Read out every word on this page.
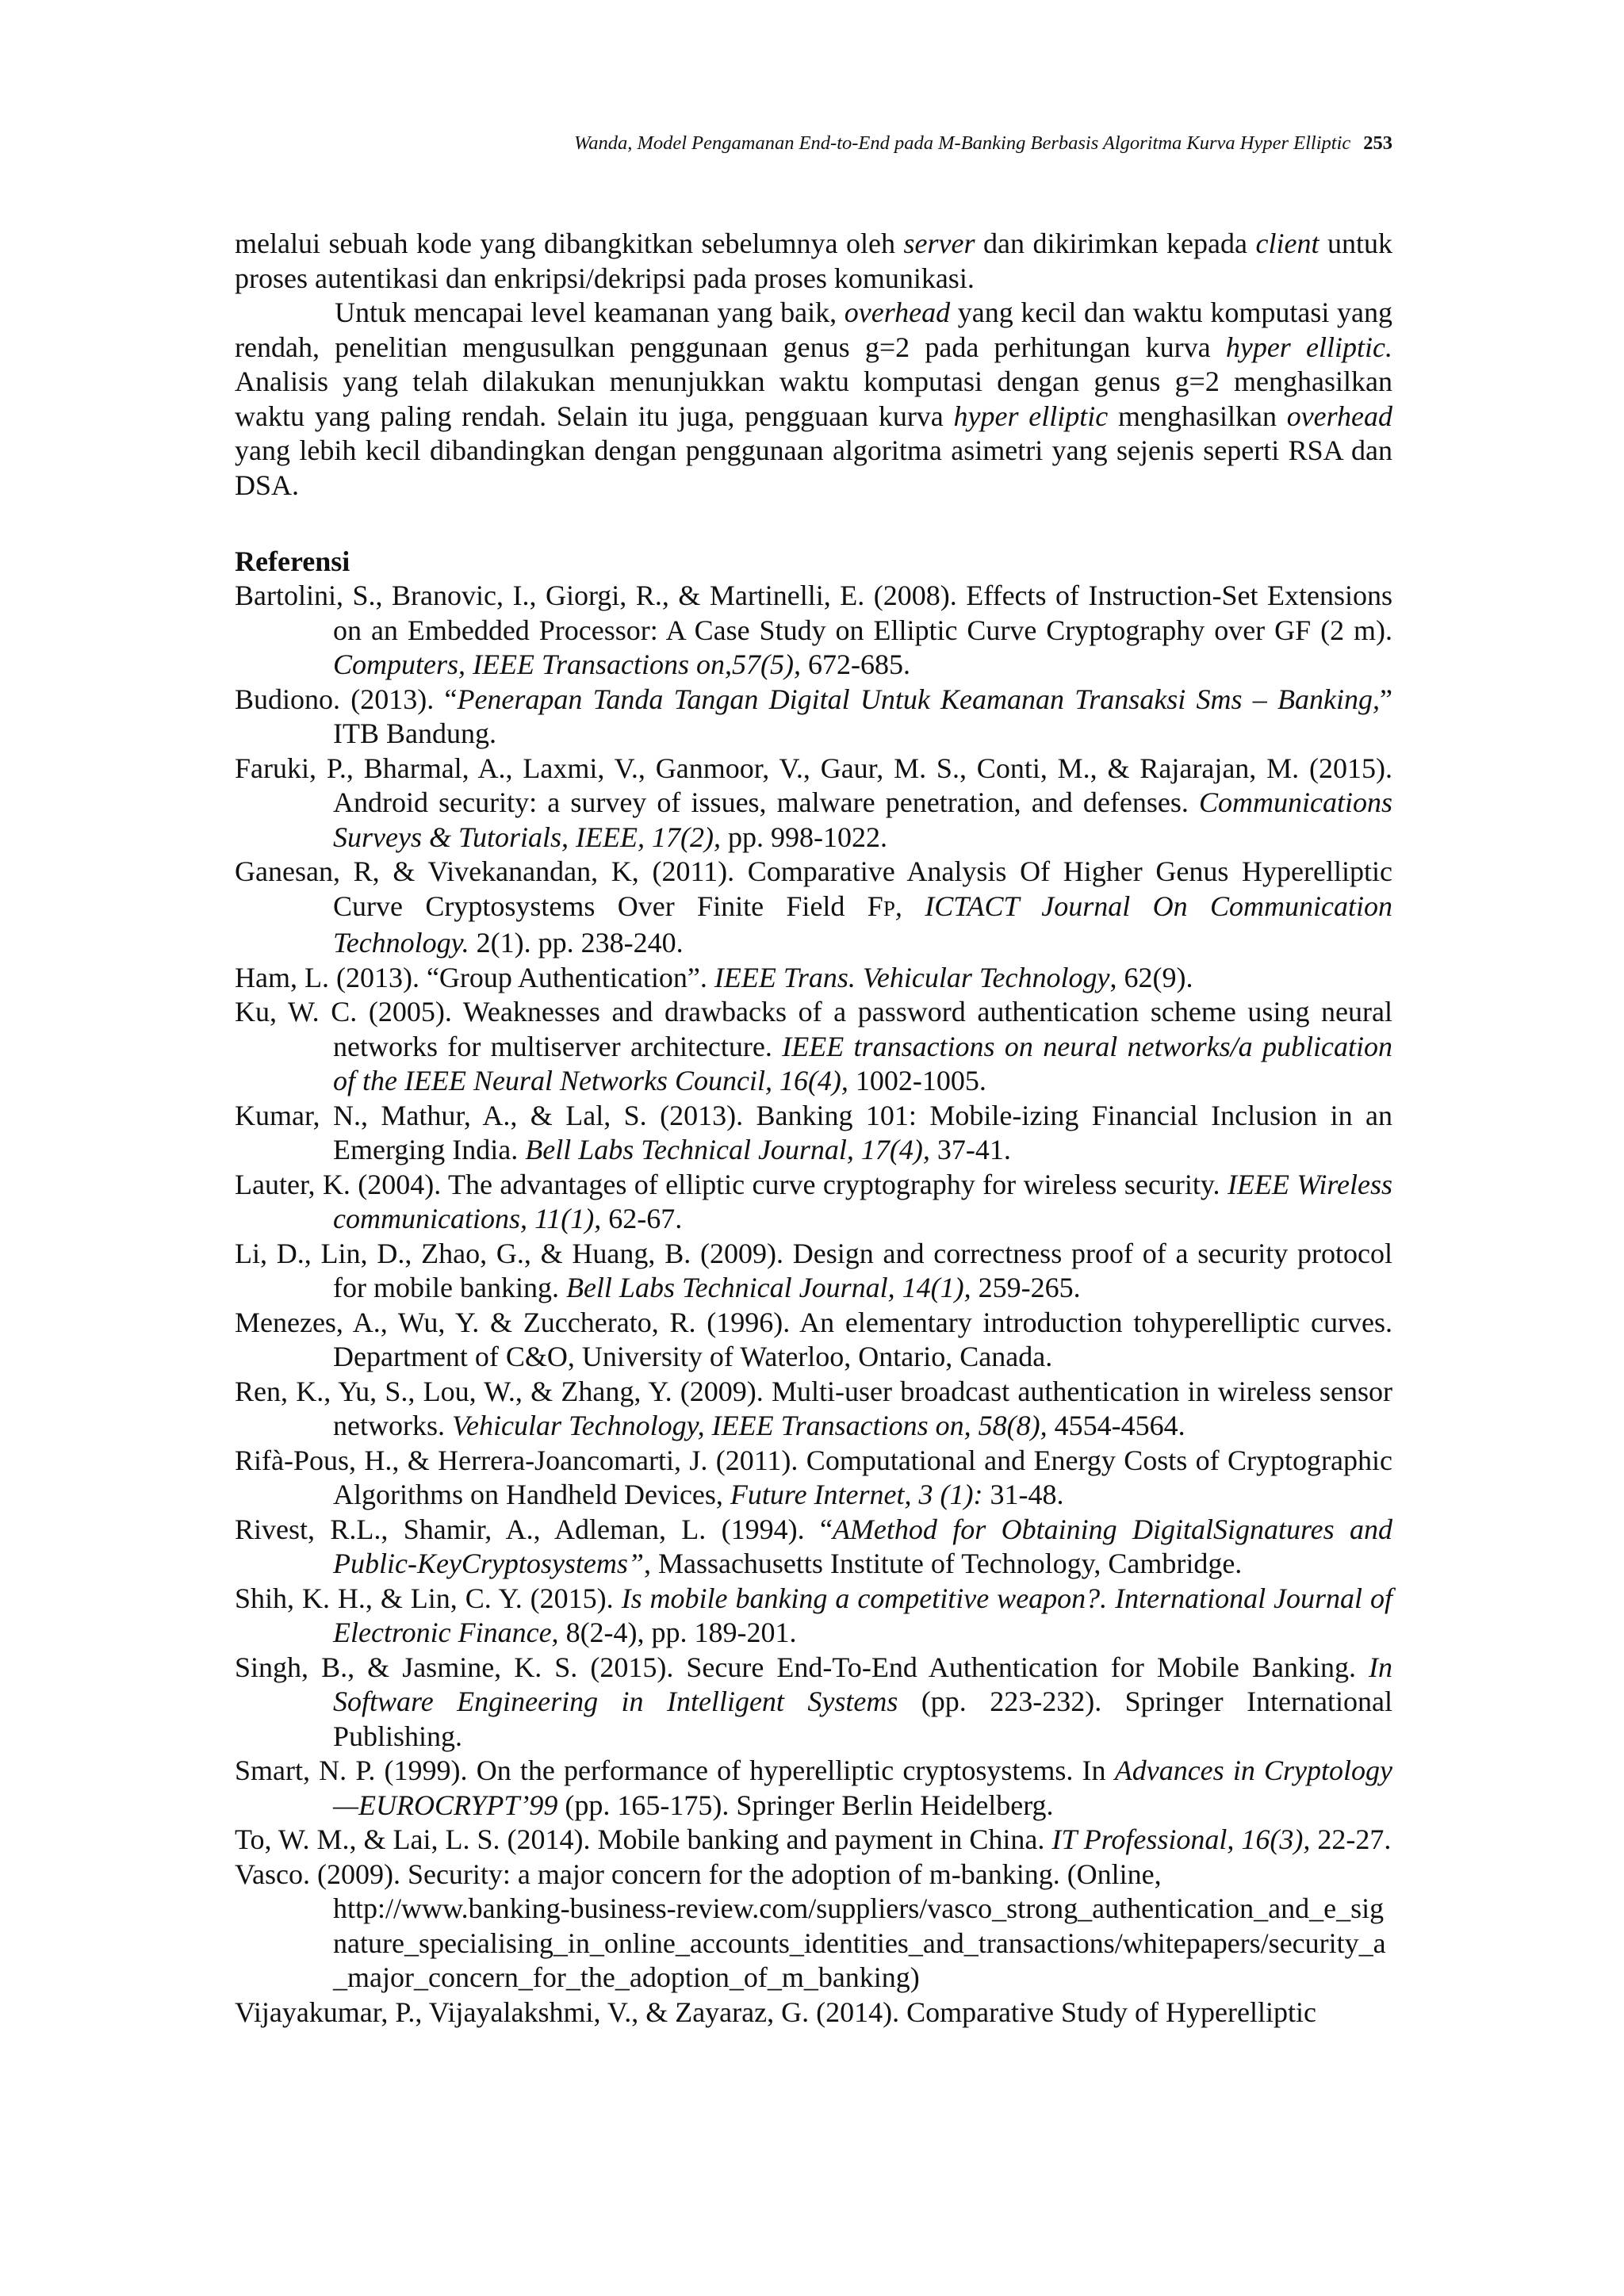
Wanda, Model Pengamanan End-to-End pada M-Banking Berbasis Algoritma Kurva Hyper Elliptic 253

melalui sebuah kode yang dibangkitkan sebelumnya oleh server dan dikirimkan kepada client untuk proses autentikasi dan enkripsi/dekripsi pada proses komunikasi.

Untuk mencapai level keamanan yang baik, overhead yang kecil dan waktu komputasi yang rendah, penelitian mengusulkan penggunaan genus g=2 pada perhitungan kurva hyper elliptic. Analisis yang telah dilakukan menunjukkan waktu komputasi dengan genus g=2 menghasilkan waktu yang paling rendah. Selain itu juga, pengguaan kurva hyper elliptic menghasilkan overhead yang lebih kecil dibandingkan dengan penggunaan algoritma asimetri yang sejenis seperti RSA dan DSA.

Referensi

Bartolini, S., Branovic, I., Giorgi, R., & Martinelli, E. (2008). Effects of Instruction-Set Extensions on an Embedded Processor: A Case Study on Elliptic Curve Cryptography over GF (2 m). Computers, IEEE Transactions on,57(5), 672-685.

Budiono. (2013). “Penerapan Tanda Tangan Digital Untuk Keamanan Transaksi Sms – Banking,” ITB Bandung.

Faruki, P., Bharmal, A., Laxmi, V., Ganmoor, V., Gaur, M. S., Conti, M., & Rajarajan, M. (2015). Android security: a survey of issues, malware penetration, and defenses. Communications Surveys & Tutorials, IEEE, 17(2), pp. 998-1022.

Ganesan, R, & Vivekanandan, K, (2011). Comparative Analysis Of Higher Genus Hyperelliptic Curve Cryptosystems Over Finite Field FP, ICTACT Journal On Communication Technology. 2(1). pp. 238-240.

Ham, L. (2013). “Group Authentication”. IEEE Trans. Vehicular Technology, 62(9).

Ku, W. C. (2005). Weaknesses and drawbacks of a password authentication scheme using neural networks for multiserver architecture. IEEE transactions on neural networks/a publication of the IEEE Neural Networks Council, 16(4), 1002-1005.

Kumar, N., Mathur, A., & Lal, S. (2013). Banking 101: Mobile-izing Financial Inclusion in an Emerging India. Bell Labs Technical Journal, 17(4), 37-41.

Lauter, K. (2004). The advantages of elliptic curve cryptography for wireless security. IEEE Wireless communications, 11(1), 62-67.

Li, D., Lin, D., Zhao, G., & Huang, B. (2009). Design and correctness proof of a security protocol for mobile banking. Bell Labs Technical Journal, 14(1), 259-265.

Menezes, A., Wu, Y. & Zuccherato, R. (1996). An elementary introduction tohyperelliptic curves. Department of C&O, University of Waterloo, Ontario, Canada.

Ren, K., Yu, S., Lou, W., & Zhang, Y. (2009). Multi-user broadcast authentication in wireless sensor networks. Vehicular Technology, IEEE Transactions on, 58(8), 4554-4564.

Rifà-Pous, H., & Herrera-Joancomarti, J. (2011). Computational and Energy Costs of Cryptographic Algorithms on Handheld Devices, Future Internet, 3 (1): 31-48.

Rivest, R.L., Shamir, A., Adleman, L. (1994). “AMethod for Obtaining DigitalSignatures and Public-KeyCryptosystems”, Massachusetts Institute of Technology, Cambridge.

Shih, K. H., & Lin, C. Y. (2015). Is mobile banking a competitive weapon?. International Journal of Electronic Finance, 8(2-4), pp. 189-201.

Singh, B., & Jasmine, K. S. (2015). Secure End-To-End Authentication for Mobile Banking. In Software Engineering in Intelligent Systems (pp. 223-232). Springer International Publishing.

Smart, N. P. (1999). On the performance of hyperelliptic cryptosystems. In Advances in Cryptology—EUROCRYPT’99 (pp. 165-175). Springer Berlin Heidelberg.

To, W. M., & Lai, L. S. (2014). Mobile banking and payment in China. IT Professional, 16(3), 22-27.

Vasco. (2009). Security: a major concern for the adoption of m-banking. (Online,
http://www.banking-business-review.com/suppliers/vasco_strong_authentication_and_e_signature_specialising_in_online_accounts_identities_and_transactions/whitepapers/security_a_major_concern_for_the_adoption_of_m_banking)

Vijayakumar, P., Vijayalakshmi, V., & Zayaraz, G. (2014). Comparative Study of Hyperelliptic
